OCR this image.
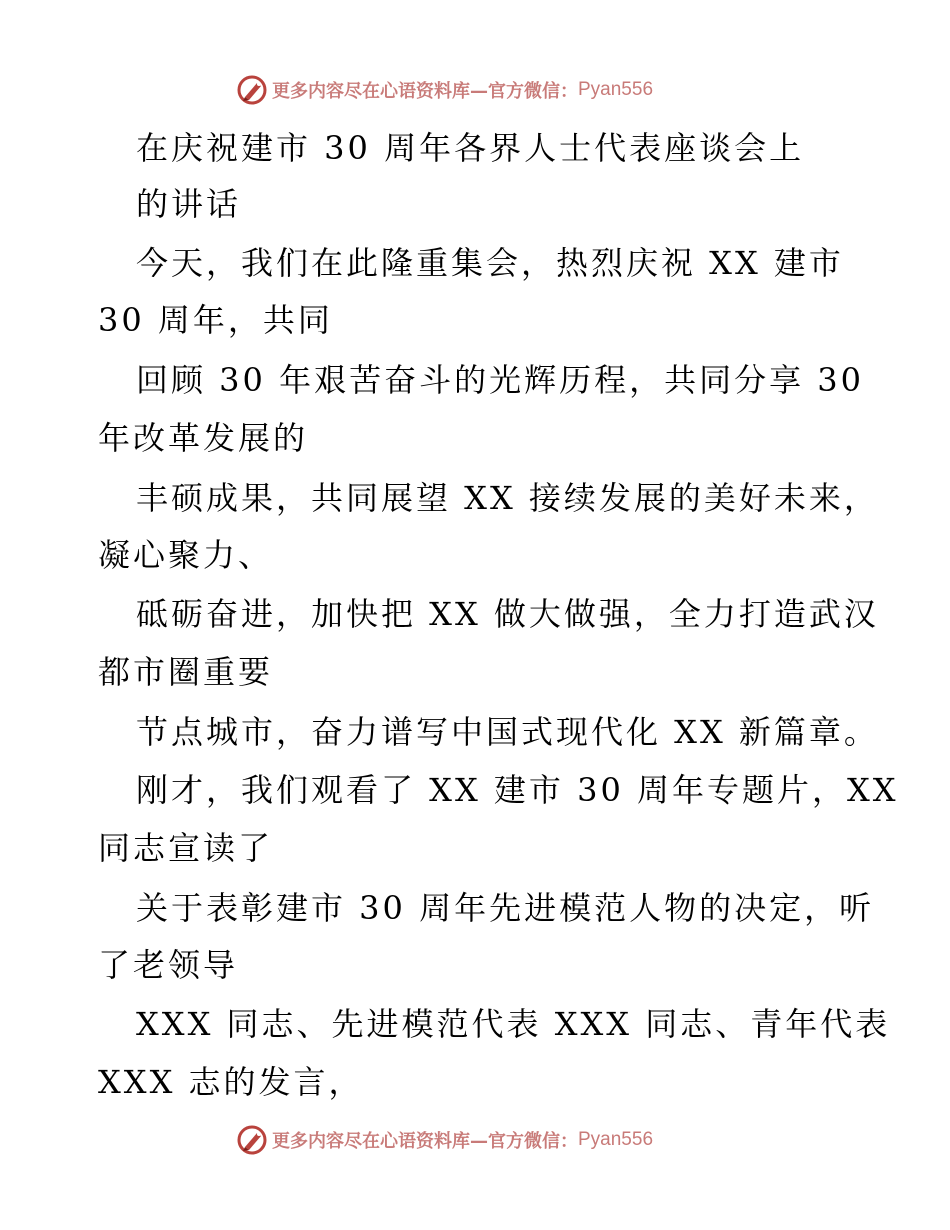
更多内容尽在心语资料库—官方微信： Pyan556
在庆祝建市 30 周年各界人士代表座谈会上
的讲话
今天，我们在此隆重集会，热烈庆祝 XX 建市
30 周年，共同
回顾 30 年艰苦奋斗的光辉历程，共同分享 30
年改革发展的
丰硕成果，共同展望 XX 接续发展的美好未来，
凝心聚力、
砥砺奋进，加快把 XX 做大做强，全力打造武汉
都市圈重要
节点城市，奋力谱写中国式现代化 XX 新篇章。
刚才，我们观看了 XX 建市 30 周年专题片，XX
同志宣读了
关于表彰建市 30 周年先进模范人物的决定，听
了老领导
XXX 同志、先进模范代表 XXX 同志、青年代表
XXX 志的发言，
更多内容尽在心语资料库—官方微信： Pyan556
